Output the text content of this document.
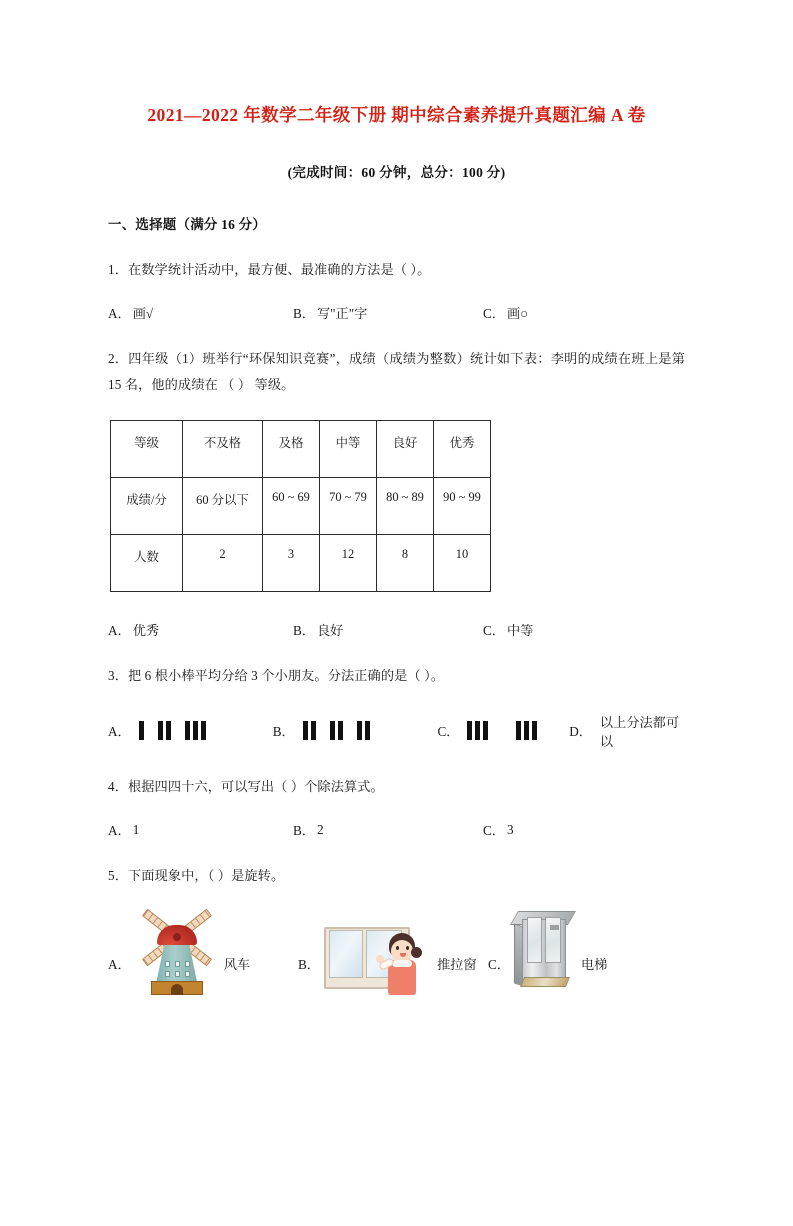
2021—2022 年数学二年级下册 期中综合素养提升真题汇编 A 卷
(完成时间：60 分钟，总分：100 分)
一、选择题（满分 16 分）
1．在数学统计活动中，最方便、最准确的方法是（ ）。
A． 画√	B． 写"正"字	C． 画○
2．四年级（1）班举行“环保知识竞赛”，成绩（成绩为整数）统计如下表：李明的成绩在班上是第 15 名，他的成绩在 （ ） 等级。
等级	不及格	及格	中等	良好	优秀
成绩/分	60 分以下	60 ~ 69	70 ~ 79	80 ~ 89	90 ~ 99
人数	2	3	12	8	10
A． 优秀	B． 良好	C． 中等
3．把 6 根小棒平均分给 3 个小朋友。分法正确的是（ ）。
A．	B．	C．	D．
以上分法都可以
4．根据四四十六，可以写出（ ）个除法算式。
A． 1	B． 2	C． 3
5．下面现象中，（ ）是旋转。
A．	风车	B．	推拉窗 C．	电梯
